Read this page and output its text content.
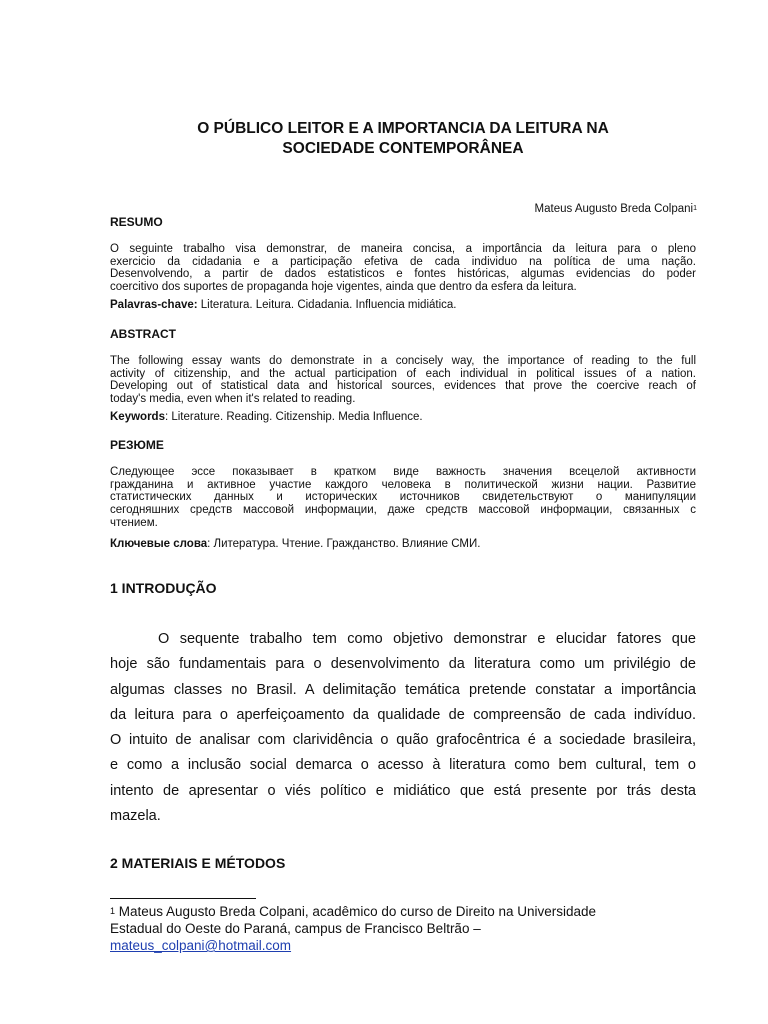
O PÚBLICO LEITOR E A IMPORTANCIA DA LEITURA NA
SOCIEDADE CONTEMPORÂNEA
Mateus Augusto Breda Colpani$^1$
RESUMO
O seguinte trabalho visa demonstrar, de maneira concisa, a importância da leitura para o pleno
exercicio da cidadania e a participação efetiva de cada individuo na política de uma nação.
Desenvolvendo, a partir de dados estatisticos e fontes históricas, algumas evidencias do poder
coercitivo dos suportes de propaganda hoje vigentes, ainda que dentro da esfera da leitura.
Palavras-chave: Literatura. Leitura. Cidadania. Influencia midiática.
ABSTRACT
The following essay wants do demonstrate in a concisely way, the importance of reading to the full
activity of citizenship, and the actual participation of each individual in political issues of a nation.
Developing out of statistical data and historical sources, evidences that prove the coercive reach of
today's media, even when it's related to reading.
Keywords: Literature. Reading. Citizenship. Media Influence.
РЕЗЮМЕ
Следующее эссе показывает в кратком виде важность значения всецелой активности
гражданина и активное участие каждого человека в политической жизни нации. Развитие
статистических данных и исторических источников свидетельствуют о манипуляции
сегодняшних средств массовой информации, даже средств массовой информации, связанных с
чтением.
Ключевые слова: Литература. Чтение. Гражданство. Влияние СМИ.
1 INTRODUÇÃO
O sequente trabalho tem como objetivo demonstrar e elucidar fatores que
hoje são fundamentais para o desenvolvimento da literatura como um privilégio de
algumas classes no Brasil. A delimitação temática pretende constatar a importância
da leitura para o aperfeiçoamento da qualidade de compreensão de cada indivíduo.
O intuito de analisar com clarividência o quão grafocêntrica é a sociedade brasileira,
e como a inclusão social demarca o acesso à literatura como bem cultural, tem o
intento de apresentar o viés político e midiático que está presente por trás desta
mazela.
2 MATERIAIS E MÉTODOS
$^1$ Mateus Augusto Breda Colpani, acadêmico do curso de Direito na Universidade
Estadual do Oeste do Paraná, campus de Francisco Beltrão –
mateus_colpani@hotmail.com
